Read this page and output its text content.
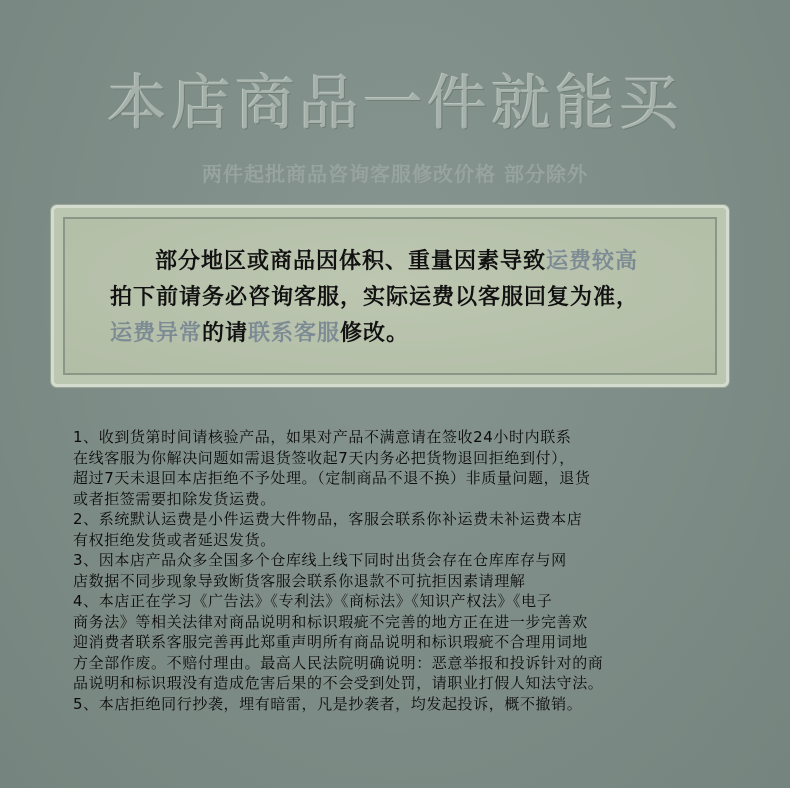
本店商品一件就能买
两件起批商品咨询客服修改价格 部分除外
部分地区或商品因体积、重量因素导致运费较高
拍下前请务必咨询客服，实际运费以客服回复为准，
运费异常的请联系客服修改。
1、收到货第时间请核验产品，如果对产品不满意请在签收24小时内联系
在线客服为你解决问题如需退货签收起7天内务必把货物退回拒绝到付），
超过7天未退回本店拒绝不予处理。（定制商品不退不换）非质量问题，退货
或者拒签需要扣除发货运费。
2、系统默认运费是小件运费大件物品，客服会联系你补运费未补运费本店
有权拒绝发货或者延迟发货。
3、因本店产品众多全国多个仓库线上线下同时出货会存在仓库库存与网
店数据不同步现象导致断货客服会联系你退款不可抗拒因素请理解
4、本店正在学习《广告法》《专利法》《商标法》《知识产权法》《电子
商务法》等相关法律对商品说明和标识瑕疵不完善的地方正在进一步完善欢
迎消费者联系客服完善再此郑重声明所有商品说明和标识瑕疵不合理用词地
方全部作废。不赔付理由。最高人民法院明确说明：恶意举报和投诉针对的商
品说明和标识瑕没有造成危害后果的不会受到处罚，请职业打假人知法守法。
5、本店拒绝同行抄袭，埋有暗雷，凡是抄袭者，均发起投诉，概不撤销。
